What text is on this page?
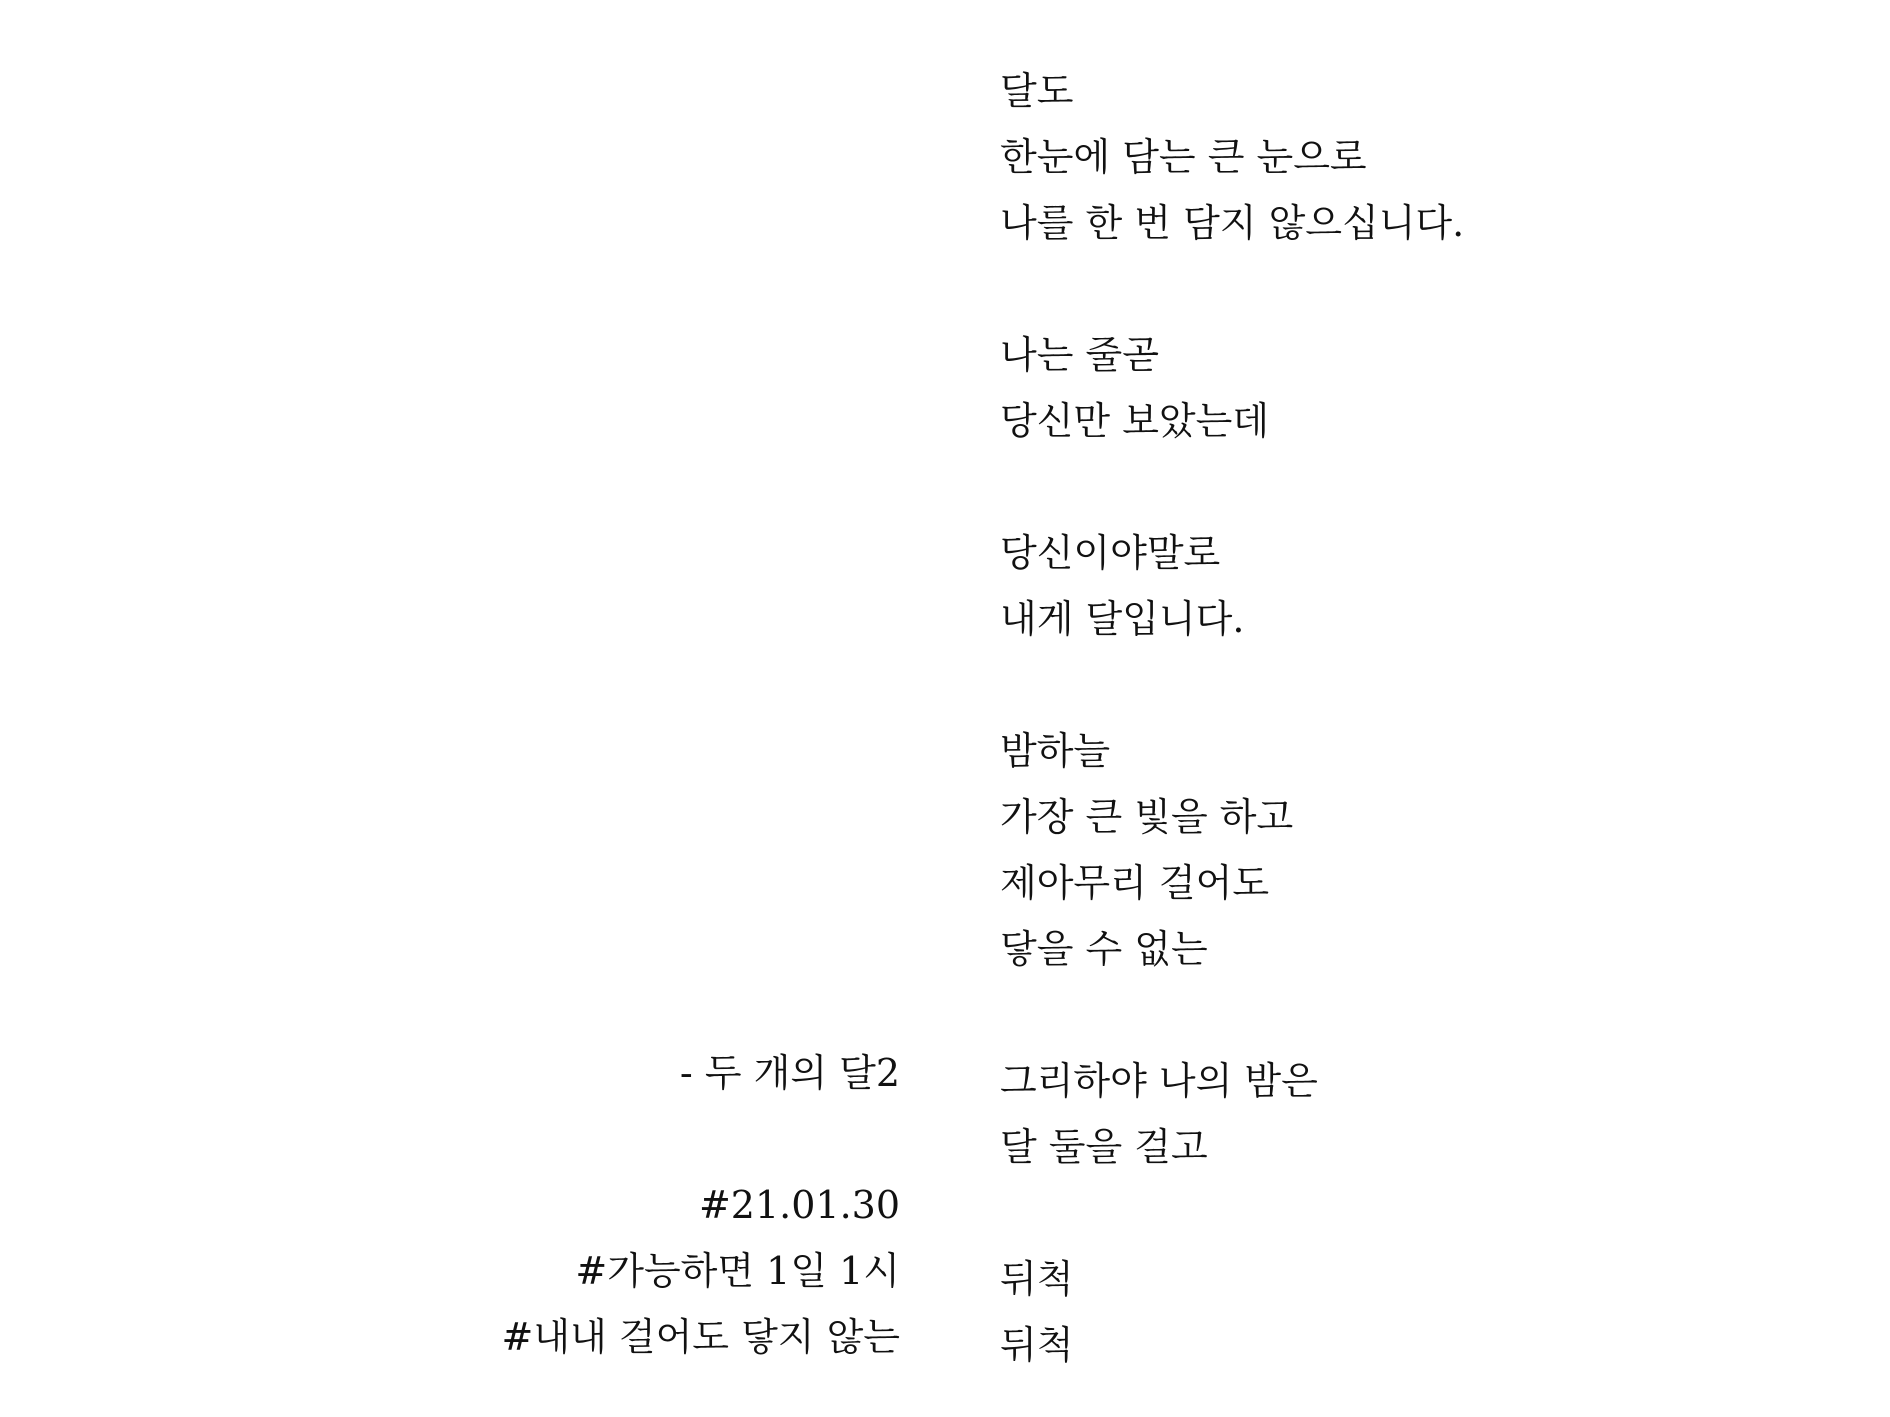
달도
한눈에 담는 큰 눈으로
나를 한 번 담지 않으십니다.
나는 줄곧
당신만 보았는데
당신이야말로
내게 달입니다.
밤하늘
가장 큰 빛을 하고
제아무리 걸어도
닿을 수 없는
그리하야 나의 밤은
달 둘을 걸고
뒤척
뒤척
- 두 개의 달2
#21.01.30
#가능하면 1일 1시
#내내 걸어도 닿지 않는
